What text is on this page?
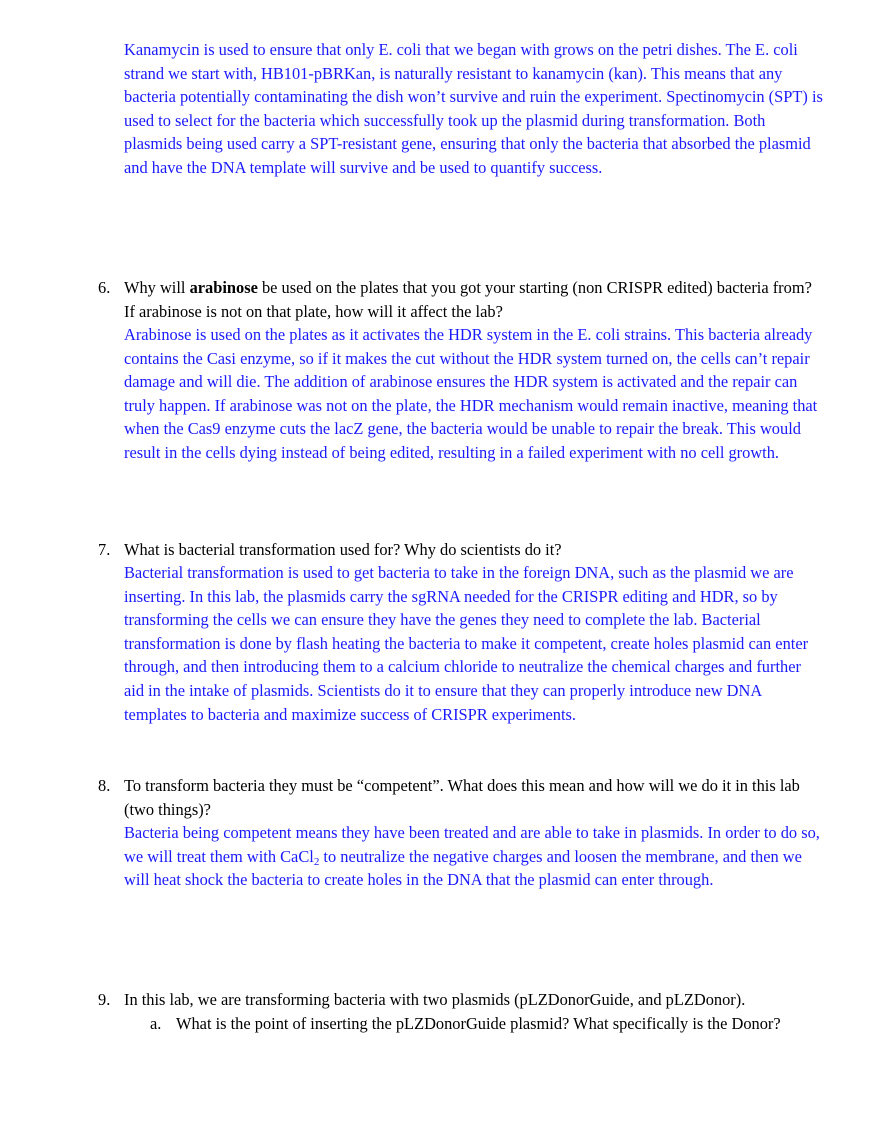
Kanamycin is used to ensure that only E. coli that we began with grows on the petri dishes. The E. coli strand we start with, HB101-pBRKan, is naturally resistant to kanamycin (kan). This means that any bacteria potentially contaminating the dish won’t survive and ruin the experiment. Spectinomycin (SPT) is used to select for the bacteria which successfully took up the plasmid during transformation. Both plasmids being used carry a SPT-resistant gene, ensuring that only the bacteria that absorbed the plasmid and have the DNA template will survive and be used to quantify success.

6. Why will arabinose be used on the plates that you got your starting (non CRISPR edited) bacteria from? If arabinose is not on that plate, how will it affect the lab?

Arabinose is used on the plates as it activates the HDR system in the E. coli strains. This bacteria already contains the Casi enzyme, so if it makes the cut without the HDR system turned on, the cells can’t repair damage and will die. The addition of arabinose ensures the HDR system is activated and the repair can truly happen. If arabinose was not on the plate, the HDR mechanism would remain inactive, meaning that when the Cas9 enzyme cuts the lacZ gene, the bacteria would be unable to repair the break. This would result in the cells dying instead of being edited, resulting in a failed experiment with no cell growth.

7. What is bacterial transformation used for? Why do scientists do it?

Bacterial transformation is used to get bacteria to take in the foreign DNA, such as the plasmid we are inserting. In this lab, the plasmids carry the sgRNA needed for the CRISPR editing and HDR, so by transforming the cells we can ensure they have the genes they need to complete the lab. Bacterial transformation is done by flash heating the bacteria to make it competent, create holes plasmid can enter through, and then introducing them to a calcium chloride to neutralize the chemical charges and further aid in the intake of plasmids. Scientists do it to ensure that they can properly introduce new DNA templates to bacteria and maximize success of CRISPR experiments.

8. To transform bacteria they must be “competent”. What does this mean and how will we do it in this lab (two things)?

Bacteria being competent means they have been treated and are able to take in plasmids. In order to do so, we will treat them with CaCl$_2$ to neutralize the negative charges and loosen the membrane, and then we will heat shock the bacteria to create holes in the DNA that the plasmid can enter through.

9. In this lab, we are transforming bacteria with two plasmids (pLZDonorGuide, and pLZDonor).

a. What is the point of inserting the pLZDonorGuide plasmid? What specifically is the Donor?
